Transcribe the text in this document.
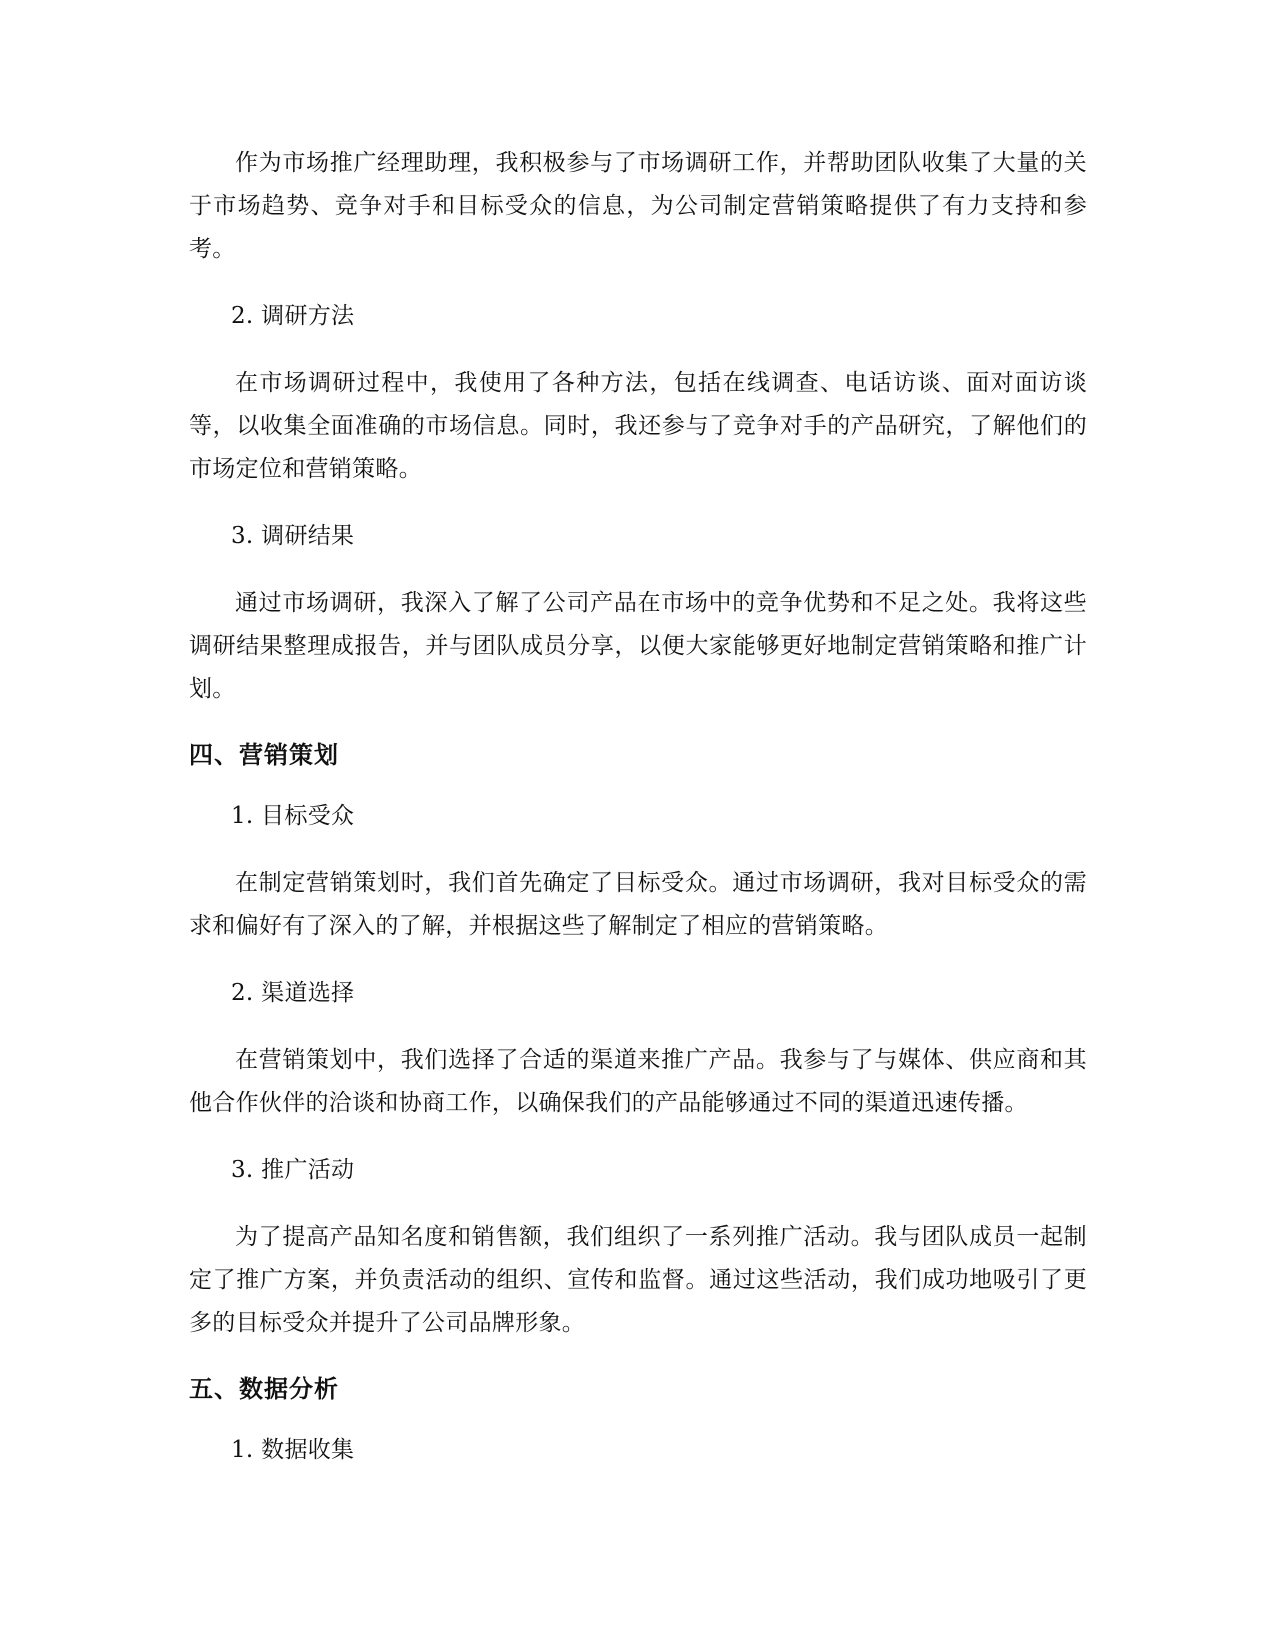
作为市场推广经理助理，我积极参与了市场调研工作，并帮助团队收集了大量的关于市场趋势、竞争对手和目标受众的信息，为公司制定营销策略提供了有力支持和参考。

2. 调研方法

在市场调研过程中，我使用了各种方法，包括在线调查、电话访谈、面对面访谈等，以收集全面准确的市场信息。同时，我还参与了竞争对手的产品研究，了解他们的市场定位和营销策略。

3. 调研结果

通过市场调研，我深入了解了公司产品在市场中的竞争优势和不足之处。我将这些调研结果整理成报告，并与团队成员分享，以便大家能够更好地制定营销策略和推广计划。

四、营销策划

1. 目标受众

在制定营销策划时，我们首先确定了目标受众。通过市场调研，我对目标受众的需求和偏好有了深入的了解，并根据这些了解制定了相应的营销策略。

2. 渠道选择

在营销策划中，我们选择了合适的渠道来推广产品。我参与了与媒体、供应商和其他合作伙伴的洽谈和协商工作，以确保我们的产品能够通过不同的渠道迅速传播。

3. 推广活动

为了提高产品知名度和销售额，我们组织了一系列推广活动。我与团队成员一起制定了推广方案，并负责活动的组织、宣传和监督。通过这些活动，我们成功地吸引了更多的目标受众并提升了公司品牌形象。

五、数据分析

1. 数据收集
